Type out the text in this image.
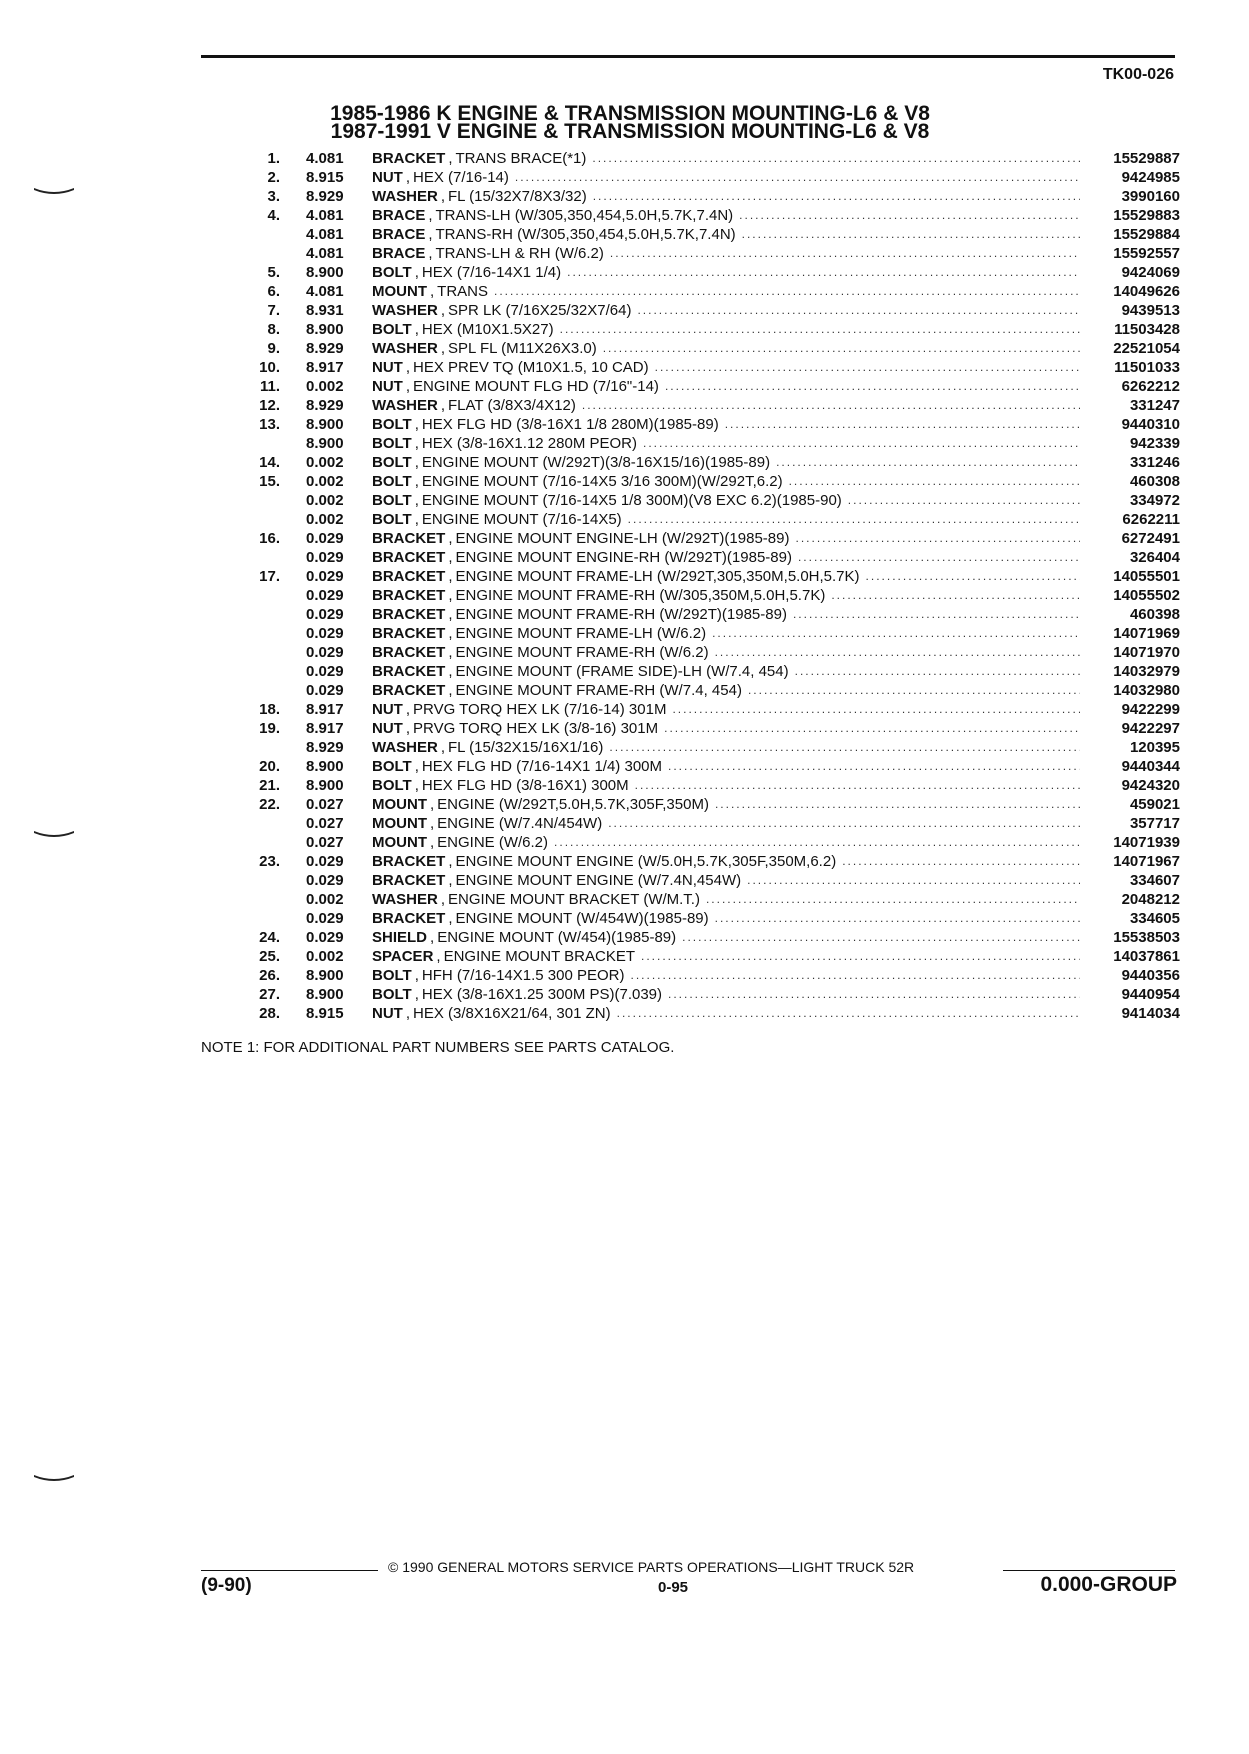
TK00-026
1985-1986 K ENGINE & TRANSMISSION MOUNTING-L6 & V8
1987-1991 V ENGINE & TRANSMISSION MOUNTING-L6 & V8
1. 4.081	BRACKET , TRANS BRACE(*1) .....	15529887
2. 8.915	NUT , HEX (7/16-14) .....	9424985
3. 8.929	WASHER , FL (15/32X7/8X3/32) .....	3990160
4. 4.081	BRACE , TRANS-LH (W/305,350,454,5.0H,5.7K,7.4N) .....	15529883
4.081	BRACE , TRANS-RH (W/305,350,454,5.0H,5.7K,7.4N) .....	15529884
4.081	BRACE , TRANS-LH & RH (W/6.2) .....	15592557
5. 8.900	BOLT , HEX (7/16-14X1 1/4) .....	9424069
6. 4.081	MOUNT , TRANS .....	14049626
7. 8.931	WASHER , SPR LK (7/16X25/32X7/64) .....	9439513
8. 8.900	BOLT , HEX (M10X1.5X27) .....	11503428
9. 8.929	WASHER , SPL FL (M11X26X3.0) .....	22521054
10. 8.917	NUT , HEX PREV TQ (M10X1.5, 10 CAD) .....	11501033
11. 0.002	NUT , ENGINE MOUNT FLG HD (7/16"-14) .....	6262212
12. 8.929	WASHER , FLAT (3/8X3/4X12) .....	331247
13. 8.900	BOLT , HEX FLG HD (3/8-16X1 1/8 280M)(1985-89) .....	9440310
8.900	BOLT , HEX (3/8-16X1.12 280M PEOR) .....	942339
14. 0.002	BOLT , ENGINE MOUNT (W/292T)(3/8-16X15/16)(1985-89) .....	331246
15. 0.002	BOLT , ENGINE MOUNT (7/16-14X5 3/16 300M)(W/292T,6.2) .....	460308
0.002	BOLT , ENGINE MOUNT (7/16-14X5 1/8 300M)(V8 EXC 6.2)(1985-90) .....	334972
0.002	BOLT , ENGINE MOUNT (7/16-14X5) .....	6262211
16. 0.029	BRACKET , ENGINE MOUNT ENGINE-LH (W/292T)(1985-89) .....	6272491
0.029	BRACKET , ENGINE MOUNT ENGINE-RH (W/292T)(1985-89) .....	326404
17. 0.029	BRACKET , ENGINE MOUNT FRAME-LH (W/292T,305,350M,5.0H,5.7K) .....	14055501
0.029	BRACKET , ENGINE MOUNT FRAME-RH (W/305,350M,5.0H,5.7K) .....	14055502
0.029	BRACKET , ENGINE MOUNT FRAME-RH (W/292T)(1985-89) .....	460398
0.029	BRACKET , ENGINE MOUNT FRAME-LH (W/6.2) .....	14071969
0.029	BRACKET , ENGINE MOUNT FRAME-RH (W/6.2) .....	14071970
0.029	BRACKET , ENGINE MOUNT (FRAME SIDE)-LH (W/7.4, 454) .....	14032979
0.029	BRACKET , ENGINE MOUNT FRAME-RH (W/7.4, 454) .....	14032980
18. 8.917	NUT , PRVG TORQ HEX LK (7/16-14) 301M .....	9422299
19. 8.917	NUT , PRVG TORQ HEX LK (3/8-16) 301M .....	9422297
8.929	WASHER , FL (15/32X15/16X1/16) .....	120395
20. 8.900	BOLT , HEX FLG HD (7/16-14X1 1/4) 300M .....	9440344
21. 8.900	BOLT , HEX FLG HD (3/8-16X1) 300M .....	9424320
22. 0.027	MOUNT , ENGINE (W/292T,5.0H,5.7K,305F,350M) .....	459021
0.027	MOUNT , ENGINE (W/7.4N/454W) .....	357717
0.027	MOUNT , ENGINE (W/6.2) .....	14071939
23. 0.029	BRACKET , ENGINE MOUNT ENGINE (W/5.0H,5.7K,305F,350M,6.2) .....	14071967
0.029	BRACKET , ENGINE MOUNT ENGINE (W/7.4N,454W) .....	334607
0.002	WASHER , ENGINE MOUNT BRACKET (W/M.T.) .....	2048212
0.029	BRACKET , ENGINE MOUNT (W/454W)(1985-89) .....	334605
24. 0.029	SHIELD , ENGINE MOUNT (W/454)(1985-89) .....	15538503
25. 0.002	SPACER , ENGINE MOUNT BRACKET .....	14037861
26. 8.900	BOLT , HFH (7/16-14X1.5 300 PEOR) .....	9440356
27. 8.900	BOLT , HEX (3/8-16X1.25 300M PS)(7.039) .....	9440954
28. 8.915	NUT , HEX (3/8X16X21/64, 301 ZN) .....	9414034
NOTE 1: FOR ADDITIONAL PART NUMBERS SEE PARTS CATALOG.
© 1990 GENERAL MOTORS SERVICE PARTS OPERATIONS—LIGHT TRUCK 52R
(9-90)	0-95	0.000-GROUP
